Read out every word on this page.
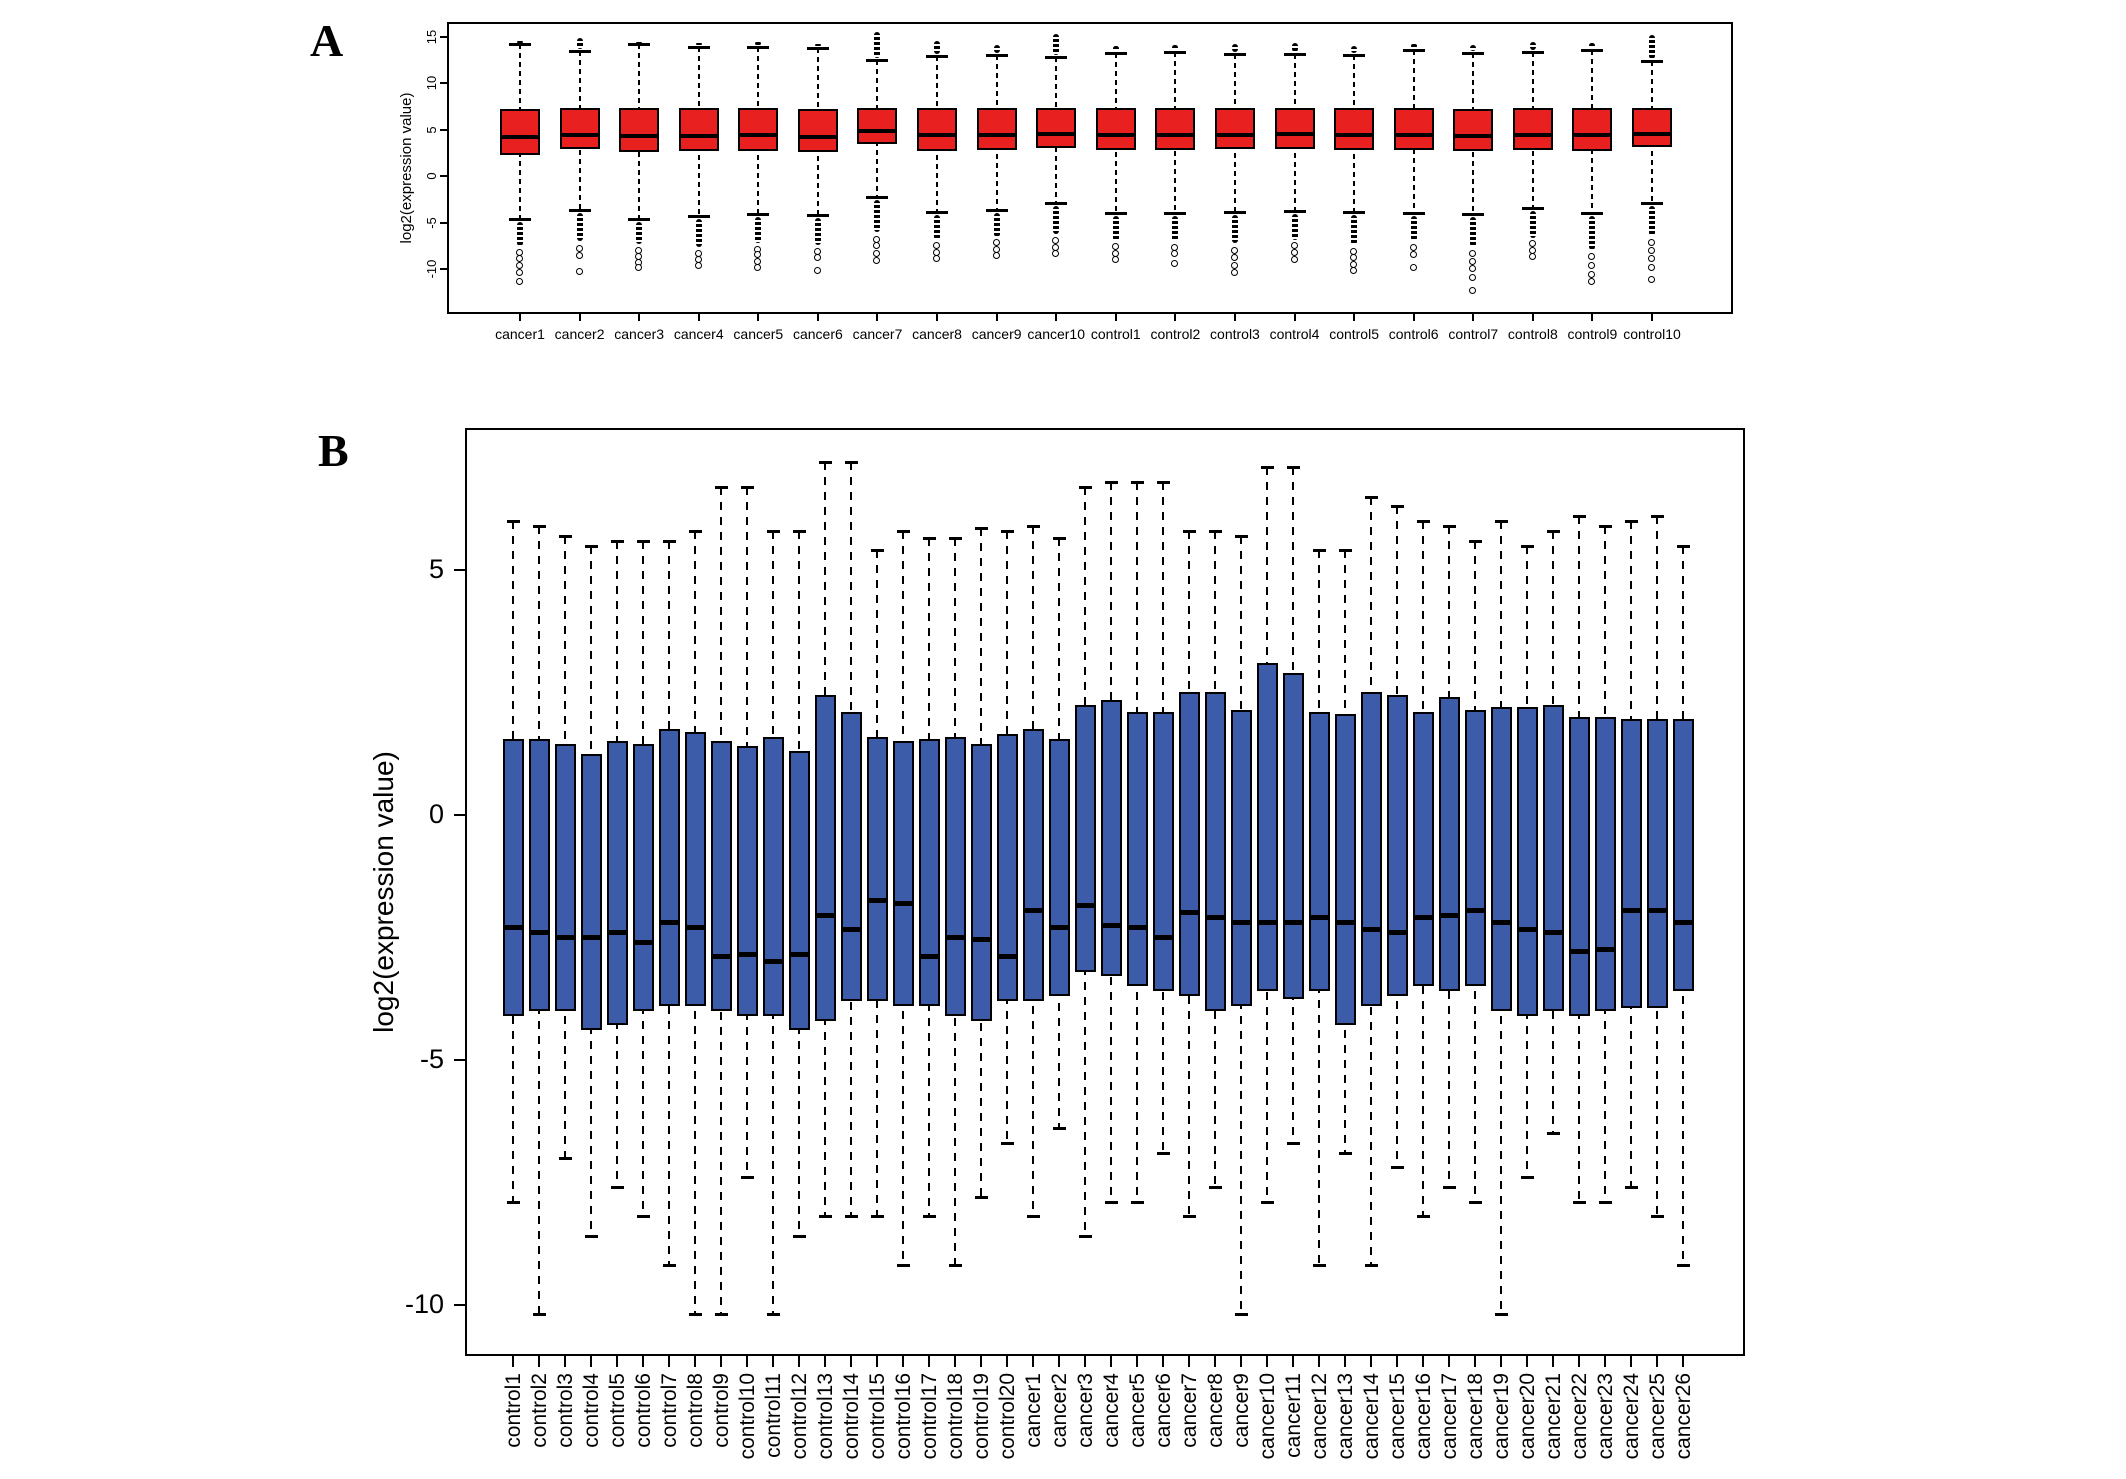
A
B
log2(expression value)
log2(expression value)
15
10
5
0
-5
-10
cancer1 cancer2 cancer3 cancer4 cancer5 cancer6 cancer7 cancer8 cancer9 cancer10 control1 control2 control3 control4 control5 control6 control7 control8 control9 control10
5
0
-5
-10
control1 control2 control3 control4 control5 control6 control7 control8 control9 control10 control11 control12 control13 control14 control15 control16 control17 control18 control19 control20 cancer1 cancer2 cancer3 cancer4 cancer5 cancer6 cancer7 cancer8 cancer9 cancer10 cancer11 cancer12 cancer13 cancer14 cancer15 cancer16 cancer17 cancer18 cancer19 cancer20 cancer21 cancer22 cancer23 cancer24 cancer25 cancer26
